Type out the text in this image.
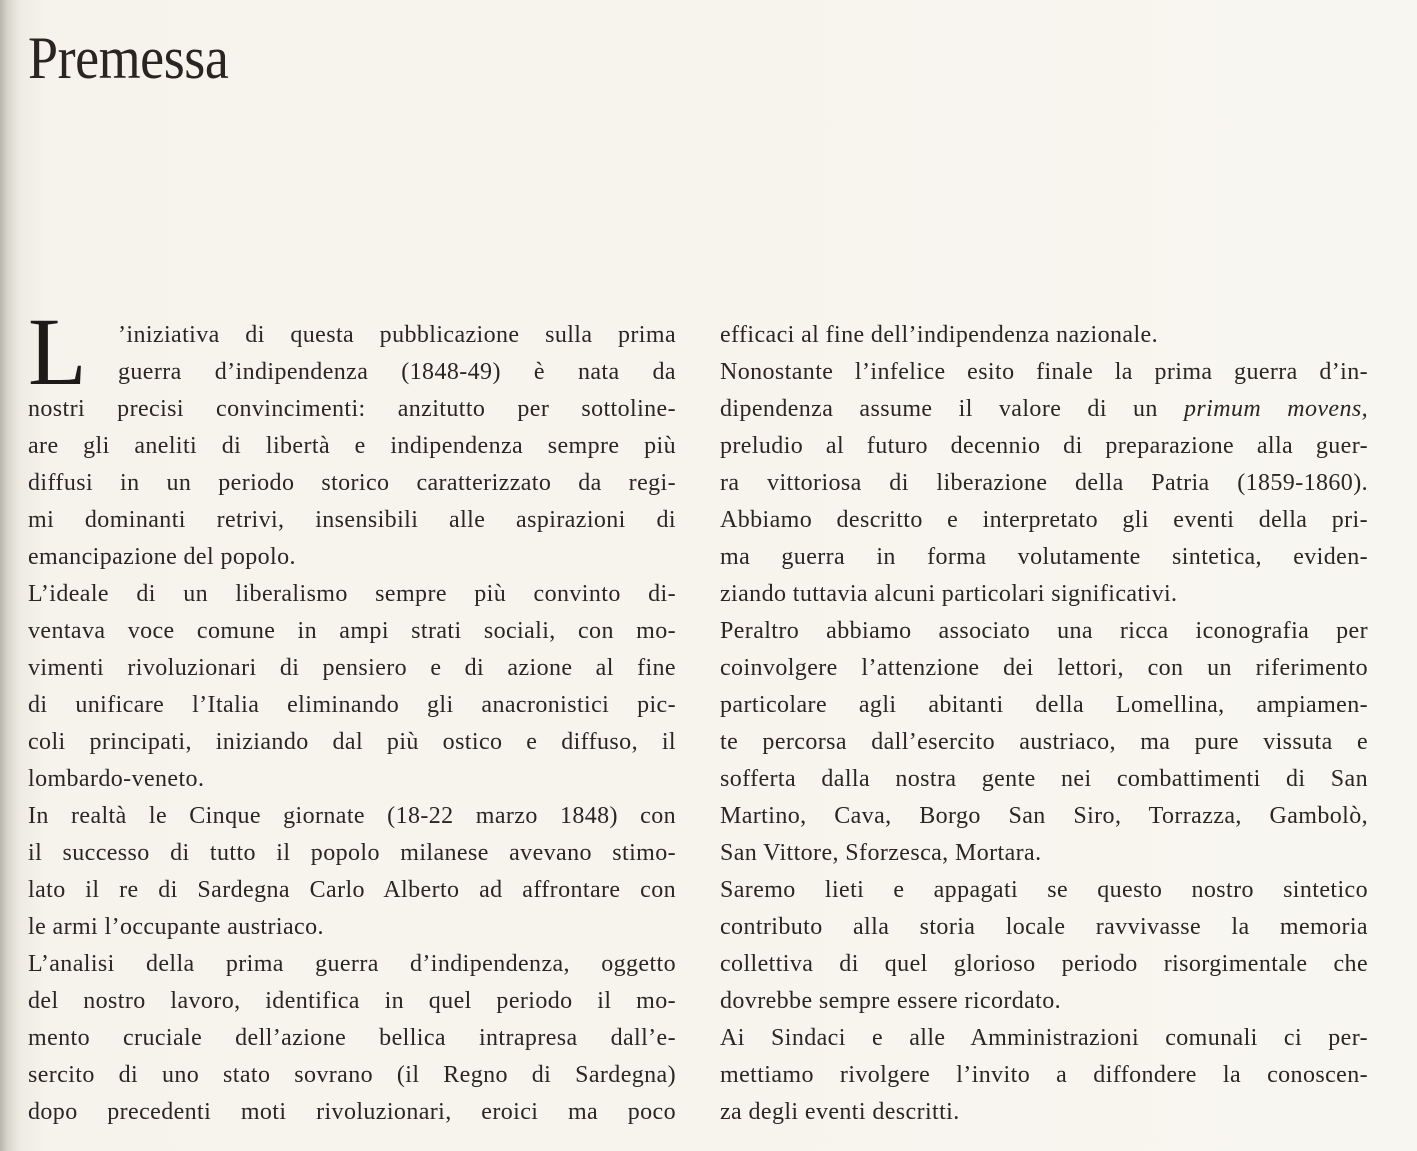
Premessa
L	’iniziativa di questa pubblicazione sulla prima
guerra d’indipendenza (1848-49) è nata da
nostri precisi convincimenti: anzitutto per sottoline-
are gli aneliti di libertà e indipendenza sempre più
diffusi in un periodo storico caratterizzato da regi-
mi dominanti retrivi, insensibili alle aspirazioni di
emancipazione del popolo.
L’ideale di un liberalismo sempre più convinto di-
ventava voce comune in ampi strati sociali, con mo-
vimenti rivoluzionari di pensiero e di azione al fine
di unificare l’Italia eliminando gli anacronistici pic-
coli principati, iniziando dal più ostico e diffuso, il
lombardo-veneto.
In realtà le Cinque giornate (18-22 marzo 1848) con
il successo di tutto il popolo milanese avevano stimo-
lato il re di Sardegna Carlo Alberto ad affrontare con
le armi l’occupante austriaco.
L’analisi della prima guerra d’indipendenza, oggetto
del nostro lavoro, identifica in quel periodo il mo-
mento cruciale dell’azione bellica intrapresa dall’e-
sercito di uno stato sovrano (il Regno di Sardegna)
dopo precedenti moti rivoluzionari, eroici ma poco
efficaci al fine dell’indipendenza nazionale.
Nonostante l’infelice esito finale la prima guerra d’in-
dipendenza assume il valore di un primum movens,
preludio al futuro decennio di preparazione alla guer-
ra vittoriosa di liberazione della Patria (1859-1860).
Abbiamo descritto e interpretato gli eventi della pri-
ma guerra in forma volutamente sintetica, eviden-
ziando tuttavia alcuni particolari significativi.
Peraltro abbiamo associato una ricca iconografia per
coinvolgere l’attenzione dei lettori, con un riferimento
particolare agli abitanti della Lomellina, ampiamen-
te percorsa dall’esercito austriaco, ma pure vissuta e
sofferta dalla nostra gente nei combattimenti di San
Martino, Cava, Borgo San Siro, Torrazza, Gambolò,
San Vittore, Sforzesca, Mortara.
Saremo lieti e appagati se questo nostro sintetico
contributo alla storia locale ravvivasse la memoria
collettiva di quel glorioso periodo risorgimentale che
dovrebbe sempre essere ricordato.
Ai Sindaci e alle Amministrazioni comunali ci per-
mettiamo rivolgere l’invito a diffondere la conoscen-
za degli eventi descritti.
